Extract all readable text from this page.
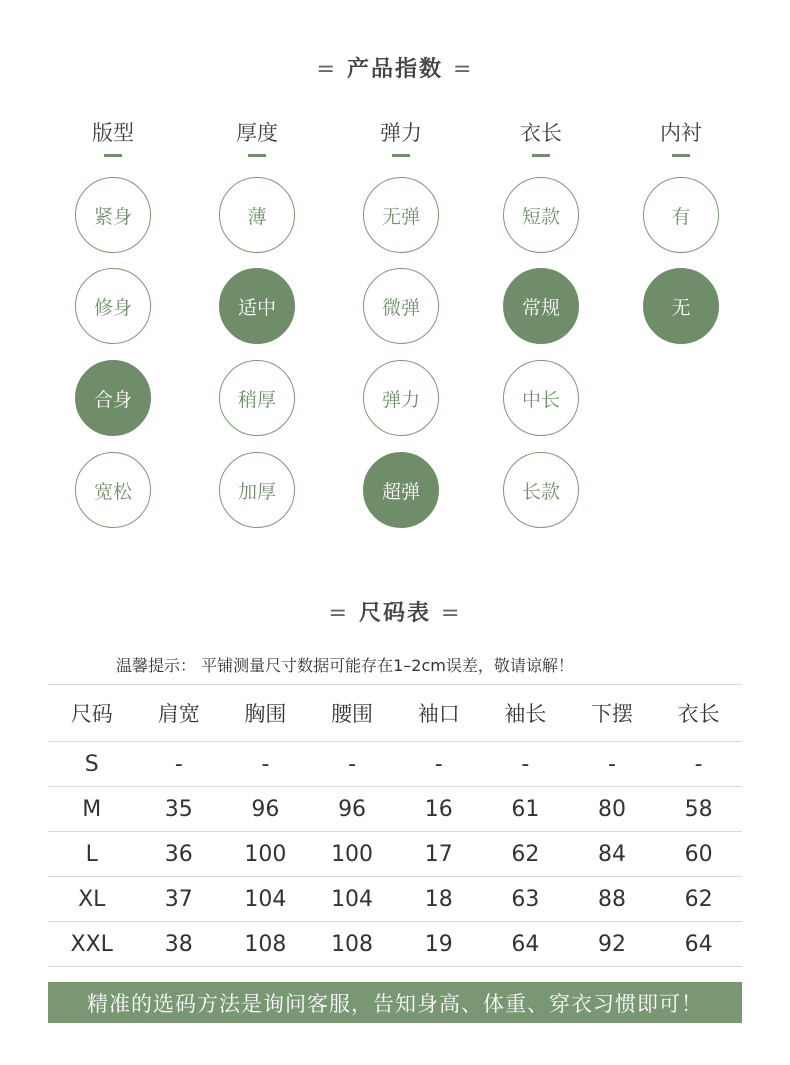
= 产品指数 =
版型
紧身
修身
合身
宽松
厚度
薄
适中
稍厚
加厚
弹力
无弹
微弹
弹力
超弹
衣长
短款
常规
中长
长款
内衬
有
无
= 尺码表 =
温馨提示： 平铺测量尺寸数据可能存在1–2cm误差，敬请谅解！
尺码	肩宽	胸围	腰围	袖口	袖长	下摆	衣长
S	-	-	-	-	-	-	-
M	35	96	96	16	61	80	58
L	36	100	100	17	62	84	60
XL	37	104	104	18	63	88	62
XXL	38	108	108	19	64	92	64
精准的选码方法是询问客服，告知身高、体重、穿衣习惯即可！
